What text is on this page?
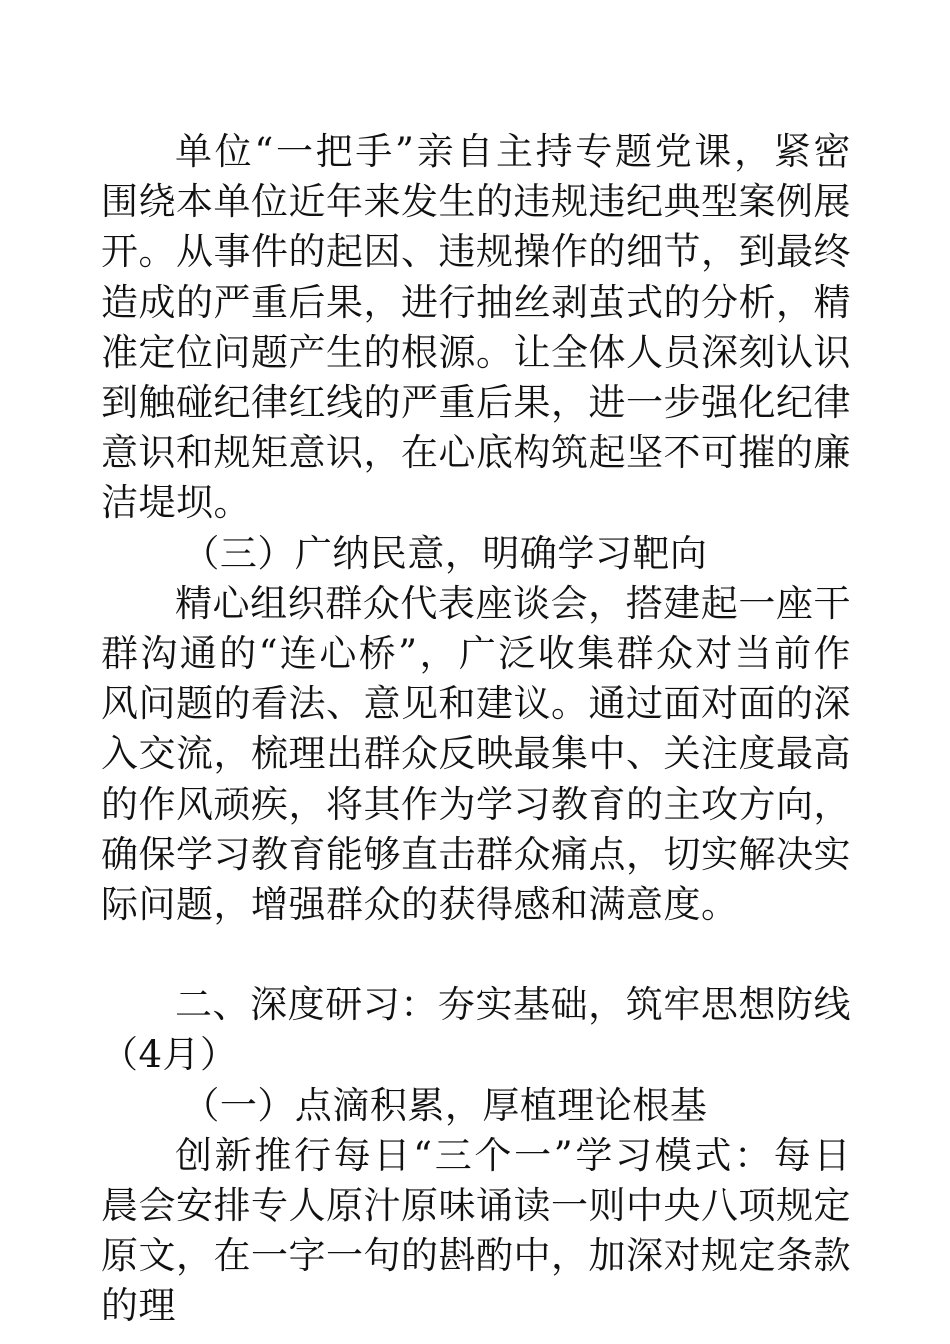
单位“一把手”亲自主持专题党课，紧密围绕本单位近年来发生的违规违纪典型案例展开。从事件的起因、违规操作的细节，到最终造成的严重后果，进行抽丝剥茧式的分析，精准定位问题产生的根源。让全体人员深刻认识到触碰纪律红线的严重后果，进一步强化纪律意识和规矩意识，在心底构筑起坚不可摧的廉洁堤坝。

（三）广纳民意，明确学习靶向

精心组织群众代表座谈会，搭建起一座干群沟通的“连心桥”，广泛收集群众对当前作风问题的看法、意见和建议。通过面对面的深入交流，梳理出群众反映最集中、关注度最高的作风顽疾，将其作为学习教育的主攻方向，确保学习教育能够直击群众痛点，切实解决实际问题，增强群众的获得感和满意度。

二、深度研习：夯实基础，筑牢思想防线（4月）

（一）点滴积累，厚植理论根基

创新推行每日“三个一”学习模式：每日晨会安排专人原汁原味诵读一则中央八项规定原文，在一字一句的斟酌中，加深对规定条款的理
